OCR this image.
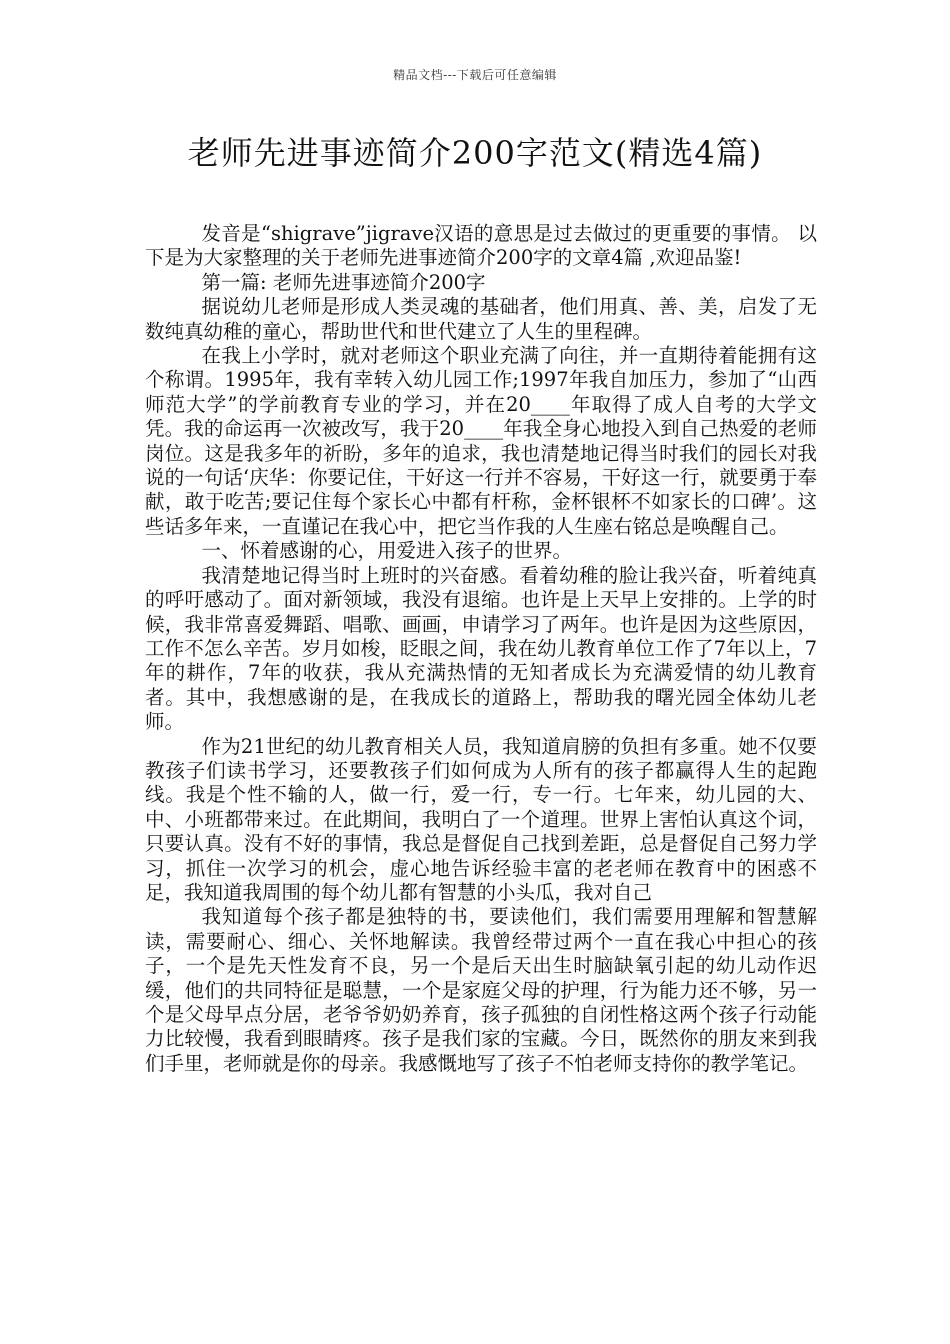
精品文档---下载后可任意编辑
老师先进事迹简介200字范文(精选4篇)

发音是“shigrave”jigrave汉语的意思是过去做过的更重要的事情。 以下是为大家整理的关于老师先进事迹简介200字的文章4篇 ,欢迎品鉴!

第一篇: 老师先进事迹简介200字

据说幼儿老师是形成人类灵魂的基础者，他们用真、善、美，启发了无数纯真幼稚的童心，帮助世代和世代建立了人生的里程碑。

在我上小学时，就对老师这个职业充满了向往，并一直期待着能拥有这个称谓。1995年，我有幸转入幼儿园工作;1997年我自加压力，参加了“山西师范大学”的学前教育专业的学习，并在20____年取得了成人自考的大学文凭。我的命运再一次被改写，我于20____年我全身心地投入到自己热爱的老师岗位。这是我多年的祈盼，多年的追求，我也清楚地记得当时我们的园长对我说的一句话‘庆华：你要记住，干好这一行并不容易，干好这一行，就要勇于奉献，敢于吃苦;要记住每个家长心中都有杆称，金杯银杯不如家长的口碑’。这些话多年来，一直谨记在我心中，把它当作我的人生座右铭总是唤醒自己。

一、怀着感谢的心，用爱进入孩子的世界。

我清楚地记得当时上班时的兴奋感。看着幼稚的脸让我兴奋，听着纯真的呼吁感动了。面对新领域，我没有退缩。也许是上天早上安排的。上学的时候，我非常喜爱舞蹈、唱歌、画画，申请学习了两年。也许是因为这些原因，工作不怎么辛苦。岁月如梭，眨眼之间，我在幼儿教育单位工作了7年以上，7年的耕作，7年的收获，我从充满热情的无知者成长为充满爱情的幼儿教育者。其中，我想感谢的是，在我成长的道路上，帮助我的曙光园全体幼儿老师。

作为21世纪的幼儿教育相关人员，我知道肩膀的负担有多重。她不仅要教孩子们读书学习，还要教孩子们如何成为人所有的孩子都赢得人生的起跑线。我是个性不输的人，做一行，爱一行，专一行。七年来，幼儿园的大、中、小班都带来过。在此期间，我明白了一个道理。世界上害怕认真这个词，只要认真。没有不好的事情，我总是督促自己找到差距，总是督促自己努力学习，抓住一次学习的机会，虚心地告诉经验丰富的老老师在教育中的困惑不足，我知道我周围的每个幼儿都有智慧的小头瓜，我对自己

我知道每个孩子都是独特的书，要读他们，我们需要用理解和智慧解读，需要耐心、细心、关怀地解读。我曾经带过两个一直在我心中担心的孩子，一个是先天性发育不良，另一个是后天出生时脑缺氧引起的幼儿动作迟缓，他们的共同特征是聪慧，一个是家庭父母的护理，行为能力还不够，另一个是父母早点分居，老爷爷奶奶养育，孩子孤独的自闭性格这两个孩子行动能力比较慢，我看到眼睛疼。孩子是我们家的宝藏。今日，既然你的朋友来到我们手里，老师就是你的母亲。我感慨地写了孩子不怕老师支持你的教学笔记。
